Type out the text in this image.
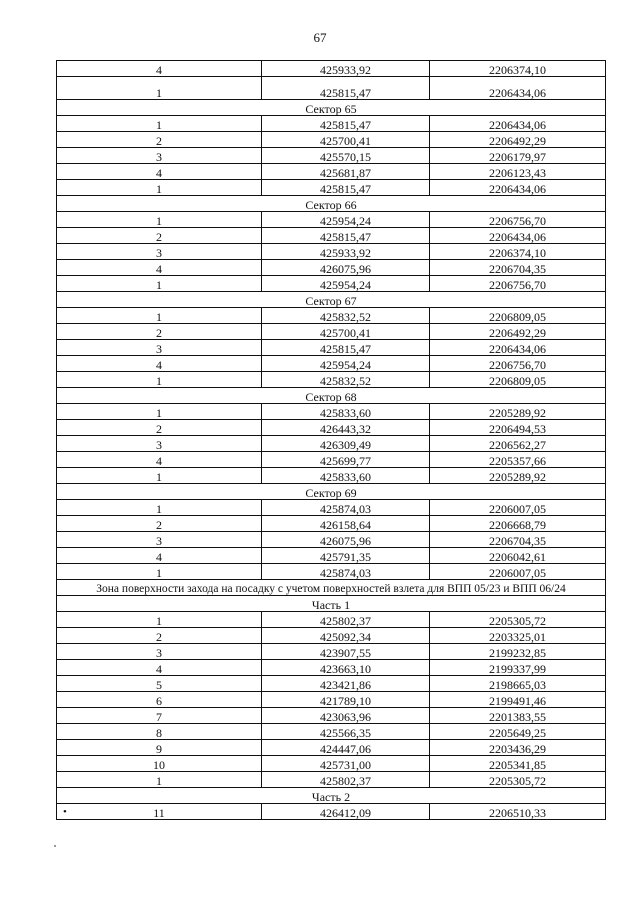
67
4	425933,92	2206374,10
1	425815,47	2206434,06
Сектор 65		
1	425815,47	2206434,06
2	425700,41	2206492,29
3	425570,15	2206179,97
4	425681,87	2206123,43
1	425815,47	2206434,06
Сектор 66		
1	425954,24	2206756,70
2	425815,47	2206434,06
3	425933,92	2206374,10
4	426075,96	2206704,35
1	425954,24	2206756,70
Сектор 67		
1	425832,52	2206809,05
2	425700,41	2206492,29
3	425815,47	2206434,06
4	425954,24	2206756,70
1	425832,52	2206809,05
Сектор 68		
1	425833,60	2205289,92
2	426443,32	2206494,53
3	426309,49	2206562,27
4	425699,77	2205357,66
1	425833,60	2205289,92
Сектор 69		
1	425874,03	2206007,05
2	426158,64	2206668,79
3	426075,96	2206704,35
4	425791,35	2206042,61
1	425874,03	2206007,05
Зона поверхности захода на посадку с учетом поверхностей взлета для ВПП 05/23 и ВПП 06/24		
Часть 1		
1	425802,37	2205305,72
2	425092,34	2203325,01
3	423907,55	2199232,85
4	423663,10	2199337,99
5	423421,86	2198665,03
6	421789,10	2199491,46
7	423063,96	2201383,55
8	425566,35	2205649,25
9	424447,06	2203436,29
10	425731,00	2205341,85
1	425802,37	2205305,72
Часть 2		

• 11	426412,09	2206510,33
